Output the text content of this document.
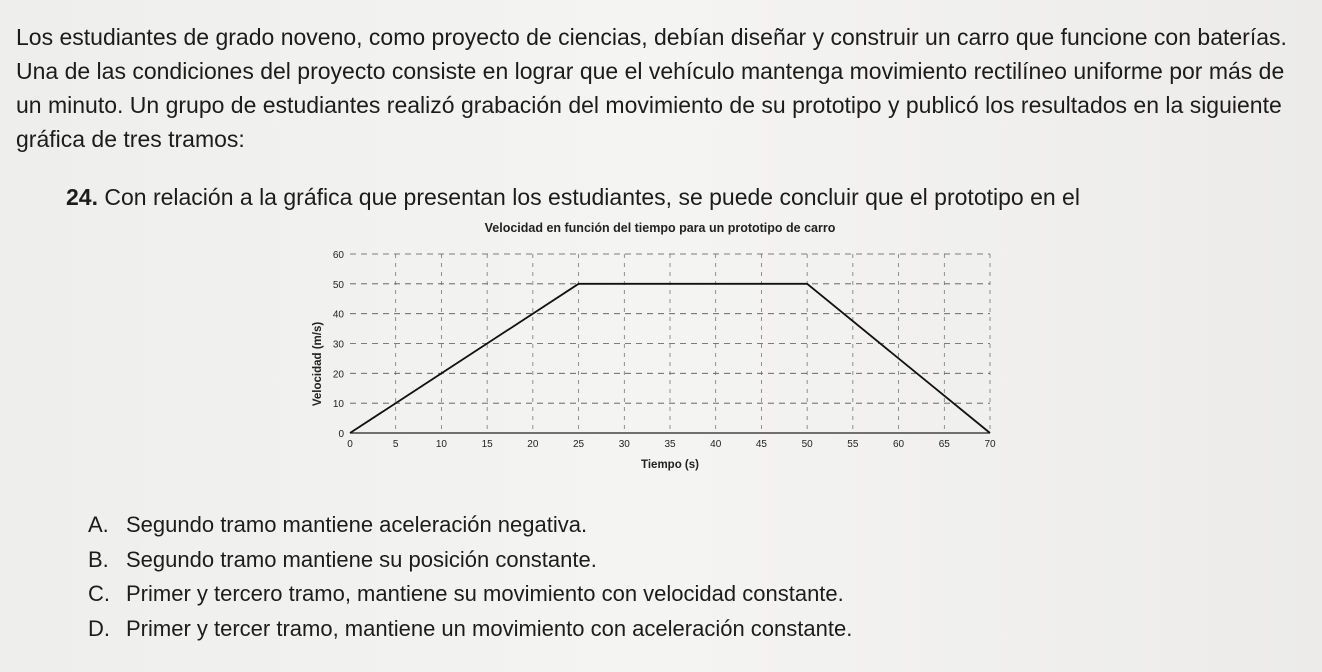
Los estudiantes de grado noveno, como proyecto de ciencias, debían diseñar y construir un carro que funcione con baterías. Una de las condiciones del proyecto consiste en lograr que el vehículo mantenga movimiento rectilíneo uniforme por más de un minuto. Un grupo de estudiantes realizó grabación del movimiento de su prototipo y publicó los resultados en la siguiente gráfica de tres tramos:

24. Con relación a la gráfica que presentan los estudiantes, se puede concluir que el prototipo en el

Velocidad en función del tiempo para un prototipo de carro
0	5	10	15	20	25	30	35	40	45	50	55	60	65	70
0
10
20
30
40
50
60
Tiempo (s)
Velocidad (m/s)
A. Segundo tramo mantiene aceleración negativa.
B. Segundo tramo mantiene su posición constante.
C. Primer y tercero tramo, mantiene su movimiento con velocidad constante.
D. Primer y tercer tramo, mantiene un movimiento con aceleración constante.
